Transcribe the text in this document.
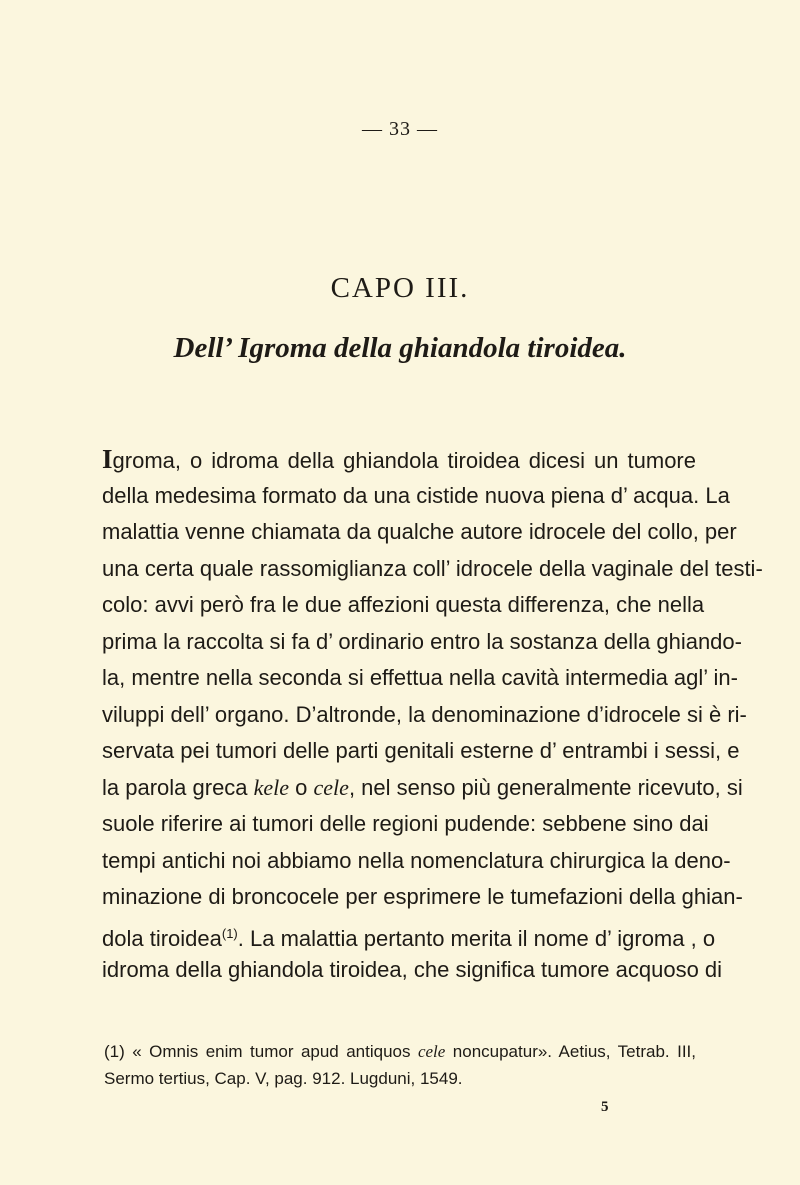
— 33 —
CAPO III.
Dell’ Igroma della ghiandola tiroidea.
Igroma, o idroma della ghiandola tiroidea dicesi un tumore
della medesima formato da una cistide nuova piena d’ acqua. La
malattia venne chiamata da qualche autore idrocele del collo, per
una certa quale rassomiglianza coll’ idrocele della vaginale del testi-
colo: avvi però fra le due affezioni questa differenza, che nella
prima la raccolta si fa d’ ordinario entro la sostanza della ghiando-
la, mentre nella seconda si effettua nella cavità intermedia agl’ in-
viluppi dell’ organo. D’altronde, la denominazione d’idrocele si è ri-
servata pei tumori delle parti genitali esterne d’ entrambi i sessi, e
la parola greca kele o cele, nel senso più generalmente ricevuto, si
suole riferire ai tumori delle regioni pudende: sebbene sino dai
tempi antichi noi abbiamo nella nomenclatura chirurgica la deno-
minazione di broncocele per esprimere le tumefazioni della ghian-
dola tiroidea$^{(1)}$. La malattia pertanto merita il nome d’ igroma , o
idroma della ghiandola tiroidea, che significa tumore acquoso di
(1) « Omnis enim tumor apud antiquos cele noncupatur». Aetius, Tetrab. III,
Sermo tertius, Cap. V, pag. 912. Lugduni, 1549.
5
